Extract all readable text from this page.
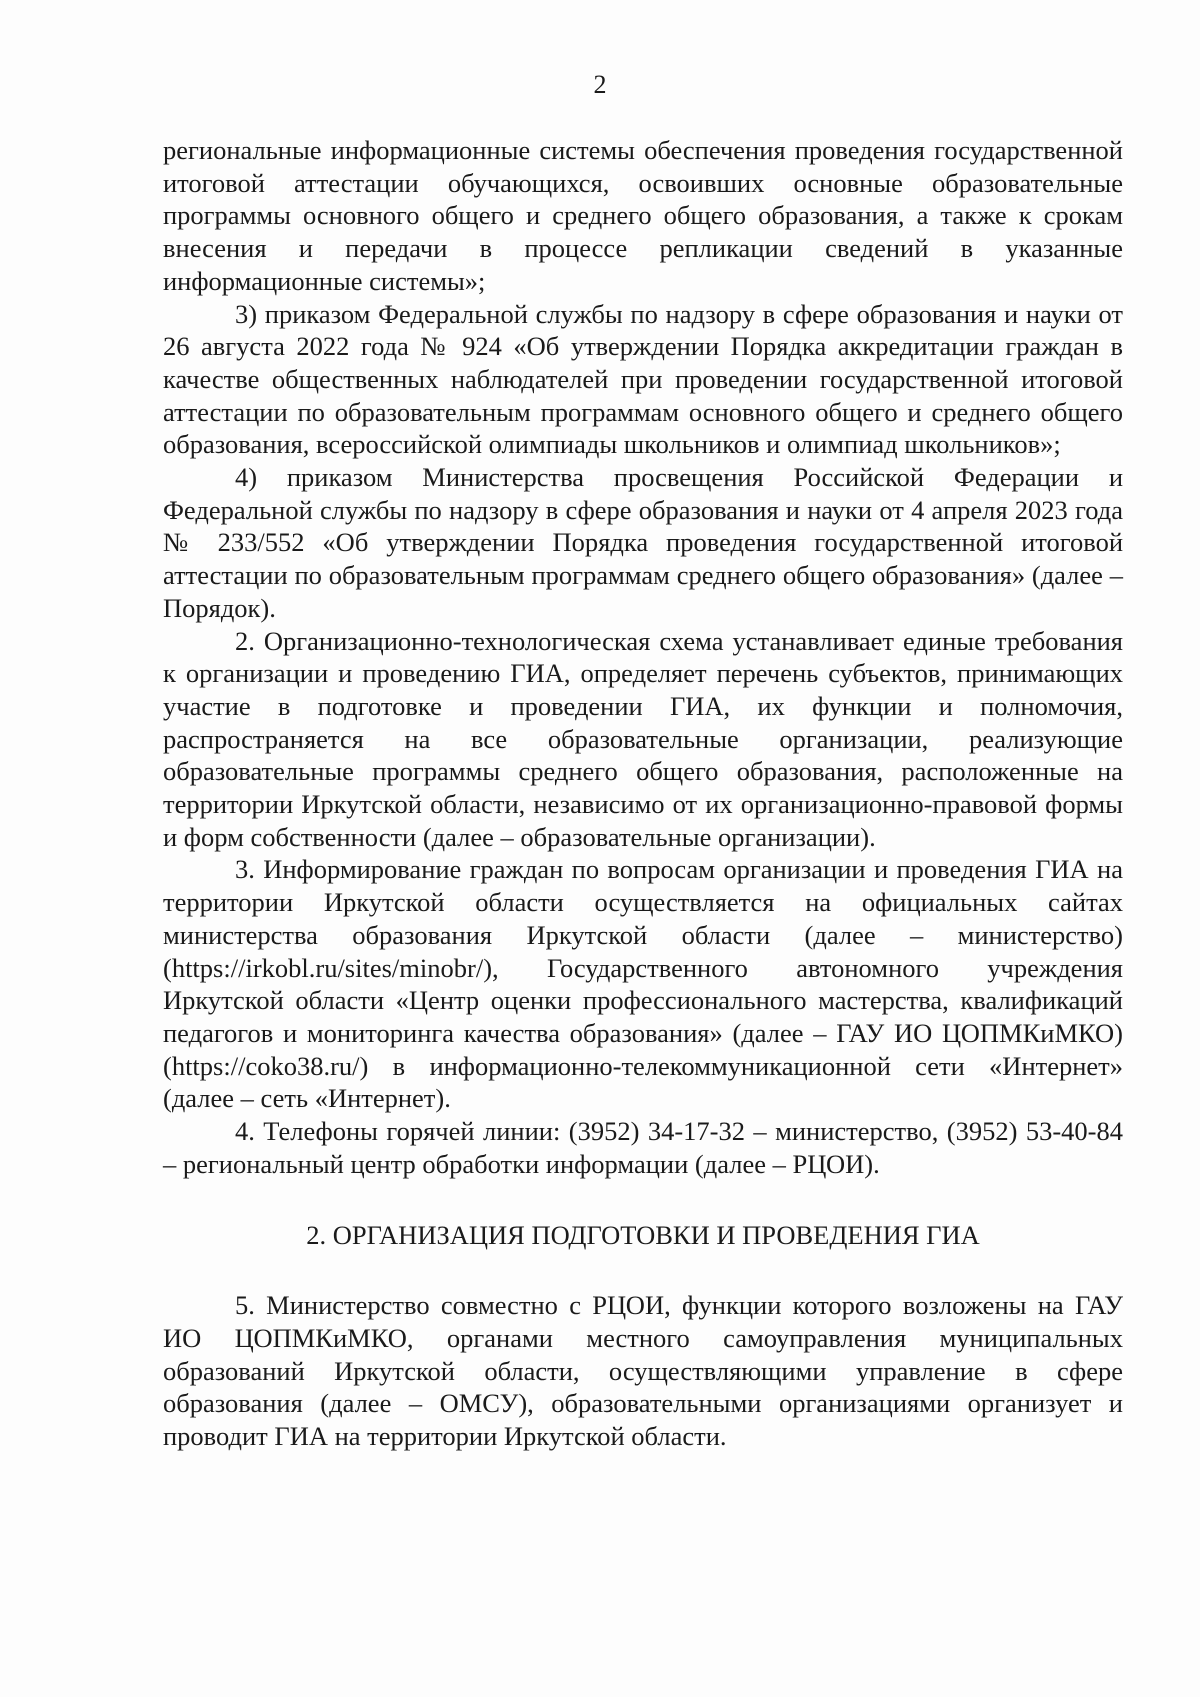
2

региональные информационные системы обеспечения проведения государственной итоговой аттестации обучающихся, освоивших основные образовательные программы основного общего и среднего общего образования, а также к срокам внесения и передачи в процессе репликации сведений в указанные информационные системы»;

3) приказом Федеральной службы по надзору в сфере образования и науки от 26 августа 2022 года № 924 «Об утверждении Порядка аккредитации граждан в качестве общественных наблюдателей при проведении государственной итоговой аттестации по образовательным программам основного общего и среднего общего образования, всероссийской олимпиады школьников и олимпиад школьников»;

4) приказом Министерства просвещения Российской Федерации и Федеральной службы по надзору в сфере образования и науки от 4 апреля 2023 года № 233/552 «Об утверждении Порядка проведения государственной итоговой аттестации по образовательным программам среднего общего образования» (далее – Порядок).

2. Организационно-технологическая схема устанавливает единые требования к организации и проведению ГИА, определяет перечень субъектов, принимающих участие в подготовке и проведении ГИА, их функции и полномочия, распространяется на все образовательные организации, реализующие образовательные программы среднего общего образования, расположенные на территории Иркутской области, независимо от их организационно-правовой формы и форм собственности (далее – образовательные организации).

3. Информирование граждан по вопросам организации и проведения ГИА на территории Иркутской области осуществляется на официальных сайтах министерства образования Иркутской области (далее – министерство) (https://irkobl.ru/sites/minobr/), Государственного автономного учреждения Иркутской области «Центр оценки профессионального мастерства, квалификаций педагогов и мониторинга качества образования» (далее – ГАУ ИО ЦОПМКиМКО) (https://coko38.ru/) в информационно-телекоммуникационной сети «Интернет» (далее – сеть «Интернет).

4. Телефоны горячей линии: (3952) 34-17-32 – министерство, (3952) 53-40-84 – региональный центр обработки информации (далее – РЦОИ).

2. ОРГАНИЗАЦИЯ ПОДГОТОВКИ И ПРОВЕДЕНИЯ ГИА

5. Министерство совместно с РЦОИ, функции которого возложены на ГАУ ИО ЦОПМКиМКО, органами местного самоуправления муниципальных образований Иркутской области, осуществляющими управление в сфере образования (далее – ОМСУ), образовательными организациями организует и проводит ГИА на территории Иркутской области.
